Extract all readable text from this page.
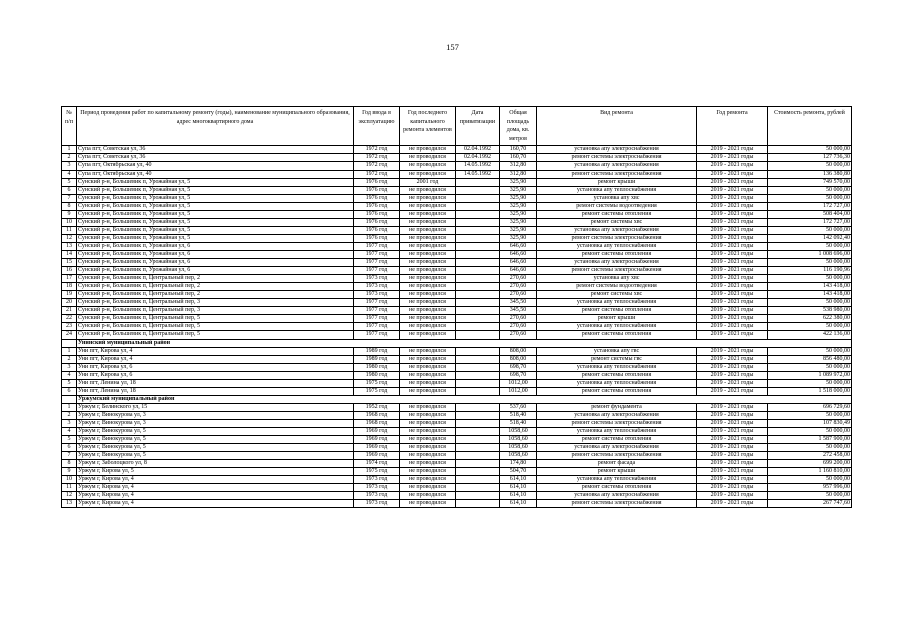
157
№ п/п	Период проведения работ по капитальному ремонту (годы), наименование муниципального образования, адрес многоквартирного дома	Год ввода в эксплуатацию	Год последнего капитального ремонта элементов	Дата приватизации	Общая площадь дома, кв. метров	Вид ремонта	Год ремонта	Стоимость ремонта, рублей
1	Супа пгт, Советская ул, 36	1972 год	не проводился	02.04.1992	160,70	установка апу электроснабжения	2019 - 2021 годы	50 000,00
2	Супа пгт, Советская ул, 36	1972 год	не проводился	02.04.1992	160,70	ремонт системы электроснабжения	2019 - 2021 годы	127 736,30
3	Супа пгт, Октябрьская ул, 40	1972 год	не проводился	14.05.1992	312,80	установка апу электроснабжения	2019 - 2021 годы	50 000,00
4	Супа пгт, Октябрьская ул, 40	1972 год	не проводился	14.05.1992	312,80	ремонт системы электроснабжения	2019 - 2021 годы	136 380,80
5	Сунский р-н, Большевик п, Урожайная ул, 5	1976 год	2001 год		325,90	ремонт крыши	2019 - 2021 годы	749 570,00
6	Сунский р-н, Большевик п, Урожайная ул, 5	1976 год	не проводился		325,90	установка апу теплоснабжения	2019 - 2021 годы	50 000,00
7	Сунский р-н, Большевик п, Урожайная ул, 5	1976 год	не проводился		325,90	установка апу хвс	2019 - 2021 годы	50 000,00
8	Сунский р-н, Большевик п, Урожайная ул, 5	1976 год	не проводился		325,90	ремонт системы водоотведения	2019 - 2021 годы	172 727,00
9	Сунский р-н, Большевик п, Урожайная ул, 5	1976 год	не проводился		325,90	ремонт системы отопления	2019 - 2021 годы	508 404,00
10	Сунский р-н, Большевик п, Урожайная ул, 5	1976 год	не проводился		325,90	ремонт системы хвс	2019 - 2021 годы	172 727,00
11	Сунский р-н, Большевик п, Урожайная ул, 5	1976 год	не проводился		325,90	установка апу электроснабжения	2019 - 2021 годы	50 000,00
12	Сунский р-н, Большевик п, Урожайная ул, 5	1976 год	не проводился		325,90	ремонт системы электроснабжения	2019 - 2021 годы	142 092,40
13	Сунский р-н, Большевик п, Урожайная ул, 6	1977 год	не проводился		646,60	установка апу теплоснабжения	2019 - 2021 годы	50 000,00
14	Сунский р-н, Большевик п, Урожайная ул, 6	1977 год	не проводился		646,60	ремонт системы отопления	2019 - 2021 годы	1 008 696,00
15	Сунский р-н, Большевик п, Урожайная ул, 6	1977 год	не проводился		646,60	установка апу электроснабжения	2019 - 2021 годы	50 000,00
16	Сунский р-н, Большевик п, Урожайная ул, 6	1977 год	не проводился		646,60	ремонт системы электроснабжения	2019 - 2021 годы	116 190,96
17	Сунский р-н, Большевик п, Центральный пер, 2	1973 год	не проводился		270,60	установка апу хвс	2019 - 2021 годы	50 000,00
18	Сунский р-н, Большевик п, Центральный пер, 2	1973 год	не проводился		270,60	ремонт системы водоотведения	2019 - 2021 годы	143 418,00
19	Сунский р-н, Большевик п, Центральный пер, 2	1973 год	не проводился		270,60	ремонт системы хвс	2019 - 2021 годы	143 418,00
20	Сунский р-н, Большевик п, Центральный пер, 3	1977 год	не проводился		345,50	установка апу теплоснабжения	2019 - 2021 годы	50 000,00
21	Сунский р-н, Большевик п, Центральный пер, 3	1977 год	не проводился		345,50	ремонт системы отопления	2019 - 2021 годы	538 980,00
22	Сунский р-н, Большевик п, Центральный пер, 5	1977 год	не проводился		270,60	ремонт крыши	2019 - 2021 годы	622 380,00
23	Сунский р-н, Большевик п, Центральный пер, 5	1977 год	не проводился		270,60	установка апу теплоснабжения	2019 - 2021 годы	50 000,00
24	Сунский р-н, Большевик п, Центральный пер, 5	1977 год	не проводился		270,60	ремонт системы отопления	2019 - 2021 годы	422 136,00
	Унинский муниципальный район							
1	Уни пгт, Кирова ул, 4	1989 год	не проводился		808,00	установка апу гвс	2019 - 2021 годы	50 000,00
2	Уни пгт, Кирова ул, 4	1989 год	не проводился		808,00	ремонт системы гвс	2019 - 2021 годы	856 480,00
3	Уни пгт, Кирова ул, 6	1980 год	не проводился		698,70	установка апу теплоснабжения	2019 - 2021 годы	50 000,00
4	Уни пгт, Кирова ул, 6	1980 год	не проводился		698,70	ремонт системы отопления	2019 - 2021 годы	1 089 972,00
5	Уни пгт, Ленина ул, 18	1975 год	не проводился		1012,00	установка апу теплоснабжения	2019 - 2021 годы	50 000,00
6	Уни пгт, Ленина ул, 18	1975 год	не проводился		1012,00	ремонт системы отопления	2019 - 2021 годы	1 518 000,00
	Уржумский муниципальный район							
1	Уржум г, Белинского ул, 15	1952 год	не проводился		537,60	ремонт фундамента	2019 - 2021 годы	696 729,60
2	Уржум г, Винокурова ул, 3	1968 год	не проводился		518,40	установка апу электроснабжения	2019 - 2021 годы	50 000,00
3	Уржум г, Винокурова ул, 3	1968 год	не проводился		518,40	ремонт системы электроснабжения	2019 - 2021 годы	107 830,49
4	Уржум г, Винокурова ул, 5	1969 год	не проводился		1058,60	установка апу теплоснабжения	2019 - 2021 годы	50 000,00
5	Уржум г, Винокурова ул, 5	1969 год	не проводился		1058,60	ремонт системы отопления	2019 - 2021 годы	1 587 900,00
6	Уржум г, Винокурова ул, 5	1969 год	не проводился		1058,60	установка апу электроснабжения	2019 - 2021 годы	50 000,00
7	Уржум г, Винокурова ул, 5	1969 год	не проводился		1058,60	ремонт системы электроснабжения	2019 - 2021 годы	272 458,00
8	Уржум г, Заболоцкого ул, 8	1974 год	не проводился		174,80	ремонт фасада	2019 - 2021 годы	699 200,00
9	Уржум г, Кирова ул, 5	1975 год	не проводился		504,70	ремонт крыши	2019 - 2021 годы	1 160 810,00
10	Уржум г, Кирова ул, 4	1973 год	не проводился		614,10	установка апу теплоснабжения	2019 - 2021 годы	50 000,00
11	Уржум г, Кирова ул, 4	1973 год	не проводился		614,10	ремонт системы отопления	2019 - 2021 годы	957 996,00
12	Уржум г, Кирова ул, 4	1973 год	не проводился		614,10	установка апу электроснабжения	2019 - 2021 годы	50 000,00
13	Уржум г, Кирова ул, 4	1973 год	не проводился		614,10	ремонт системы электроснабжения	2019 - 2021 годы	267 747,60
